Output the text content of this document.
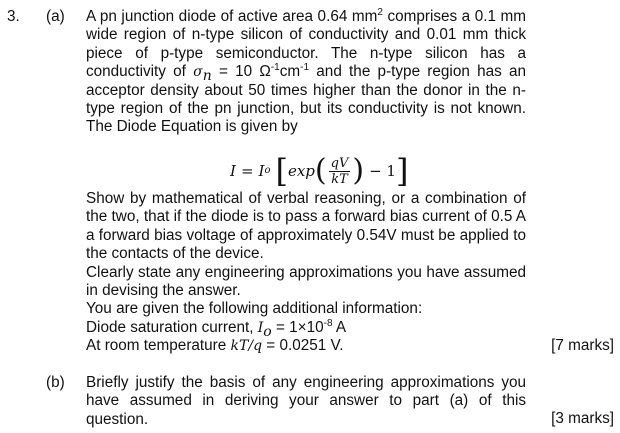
3. (a) A pn junction diode of active area 0.64 $mm^2$ comprises a 0.1 mm wide region of n-type silicon of conductivity and 0.01 mm thick piece of p-type semiconductor. The n-type silicon has a conductivity of $\sigma_n = 10$ $\Omega^{-1}cm^{-1}$ and the p-type region has an acceptor density about 50 times higher than the donor in the n-type region of the pn junction, but its conductivity is not known. The Diode Equation is given by

I = I o [ exp ( $\frac{qV}{kT}$ ) − 1 ]

Show by mathematical of verbal reasoning, or a combination of the two, that if the diode is to pass a forward bias current of 0.5 A a forward bias voltage of approximately 0.54V must be applied to the contacts of the device.

Clearly state any engineering approximations you have assumed in devising the answer.

You are given the following additional information:

Diode saturation current, $I_o = 1\times 10^{-8}$ A

At room temperature kT/q = 0.0251 V.	[7 marks]
(b) Briefly justify the basis of any engineering approximations you have assumed in deriving your answer to part (a) of this question.	[3 marks]
